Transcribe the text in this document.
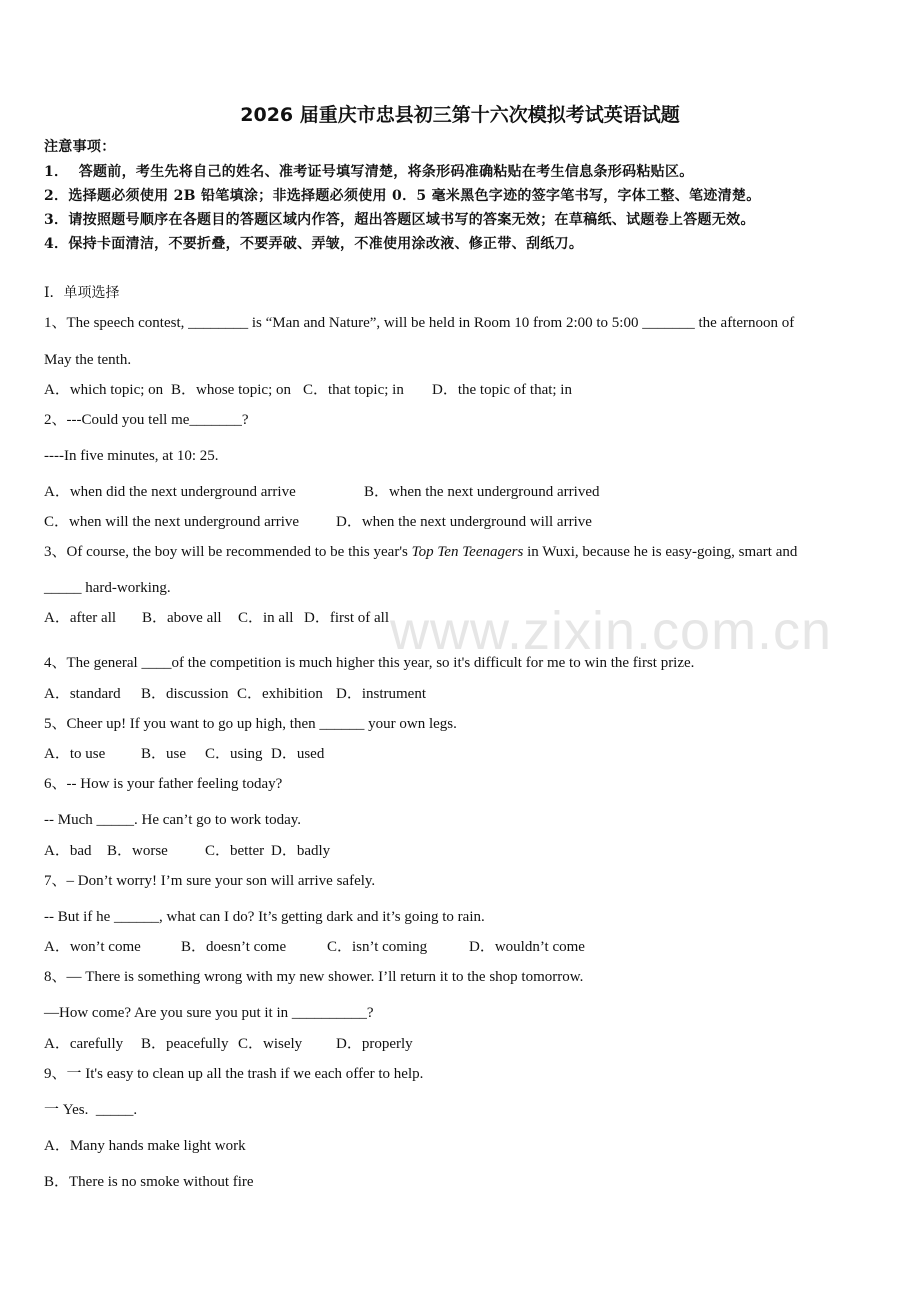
www.zixin.com.cn
2026 届重庆市忠县初三第十六次模拟考试英语试题
注意事项：
1．  答题前，考生先将自己的姓名、准考证号填写清楚，将条形码准确粘贴在考生信息条形码粘贴区。
2．选择题必须使用 2B 铅笔填涂；非选择题必须使用 0．5 毫米黑色字迹的签字笔书写，字体工整、笔迹清楚。
3．请按照题号顺序在各题目的答题区域内作答，超出答题区域书写的答案无效；在草稿纸、试题卷上答题无效。
4．保持卡面清洁，不要折叠，不要弄破、弄皱，不准使用涂改液、修正带、刮纸刀。
Ⅰ．单项选择
1、The speech contest, ________ is “Man and Nature”, will be held in Room 10 from 2:00 to 5:00 _______ the afternoon of
May the tenth.
A．which topic; on B．whose topic; on C．that topic; in D．the topic of that; in
2、---Could you tell me_______?
----In five minutes, at 10: 25.
A．when did the next underground arrive	B．when the next underground arrived
C．when will the next underground arrive D．when the next underground will arrive
3、Of course, the boy will be recommended to be this year's Top Ten Teenagers in Wuxi, because he is easy-going, smart and
_____ hard-working.
A．after all B．above all C．in all D．first of all
4、The general ____of the competition is much higher this year, so it's difficult for me to win the first prize.
A．standard B．discussion C．exhibition D．instrument
5、Cheer up! If you want to go up high, then ______ your own legs.
A．to use B．use C．using D．used
6、-- How is your father feeling today?
-- Much _____. He can’t go to work today.
A．bad B．worse C．better D．badly
7、– Don’t worry! I’m sure your son will arrive safely.
-- But if he ______, what can I do? It’s getting dark and it’s going to rain.
A．won’t come	B．doesn’t come	C．isn’t coming	D．wouldn’t come
8、— There is something wrong with my new shower. I’ll return it to the shop tomorrow.
—How come? Are you sure you put it in __________?
A．carefully B．peacefully C．wisely D．properly
9、一 It's easy to clean up all the trash if we each offer to help.
一 Yes.  _____.
A．Many hands make light work
B．There is no smoke without fire
